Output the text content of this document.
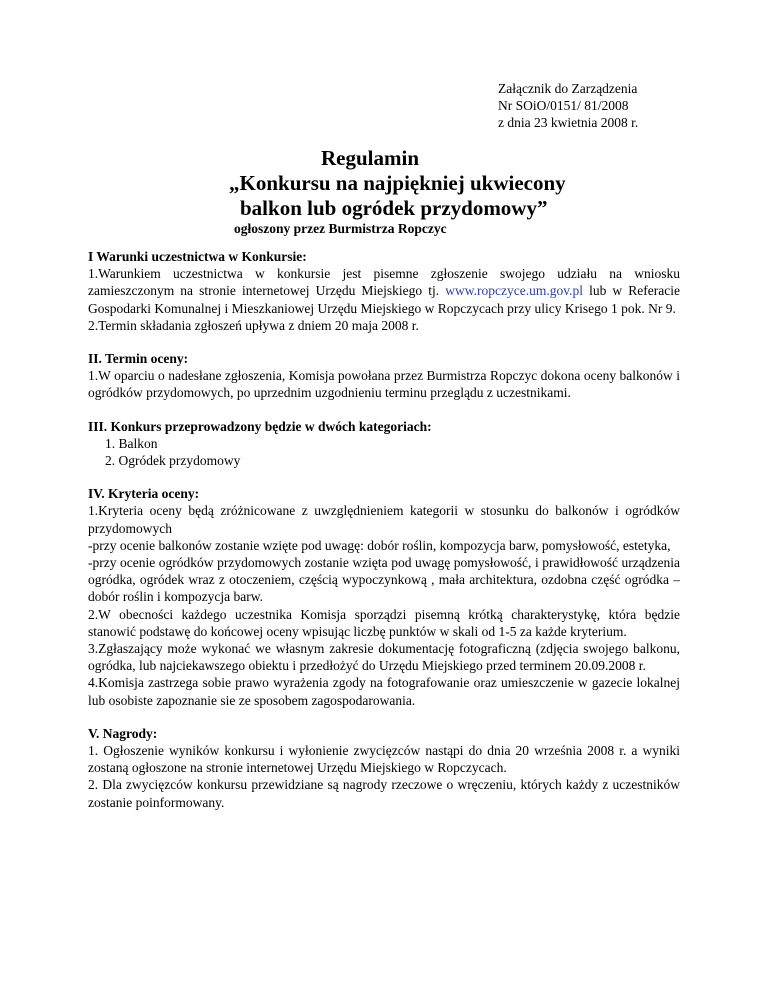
Załącznik do Zarządzenia
Nr SOiO/0151/ 81/2008
z dnia 23 kwietnia 2008 r.
Regulamin
„Konkursu na najpiękniej ukwiecony
balkon lub ogródek przydomowy”
ogłoszony przez Burmistrza Ropczyc
I Warunki uczestnictwa w Konkursie:
1.Warunkiem uczestnictwa w konkursie jest pisemne zgłoszenie swojego udziału na wniosku zamieszczonym na stronie internetowej Urzędu Miejskiego tj. www.ropczyce.um.gov.pl lub w Referacie Gospodarki Komunalnej i Mieszkaniowej Urzędu Miejskiego w Ropczycach przy ulicy Krisego 1 pok. Nr 9.
2.Termin składania zgłoszeń upływa z dniem 20 maja 2008 r.
II. Termin oceny:
1.W oparciu o nadesłane zgłoszenia, Komisja powołana przez Burmistrza Ropczyc dokona oceny balkonów i ogródków przydomowych, po uprzednim uzgodnieniu terminu przeglądu z uczestnikami.
III. Konkurs przeprowadzony będzie w dwóch kategoriach:
1. Balkon
2. Ogródek przydomowy
IV. Kryteria oceny:
1.Kryteria oceny będą zróżnicowane z uwzględnieniem kategorii w stosunku do balkonów i ogródków przydomowych
-przy ocenie balkonów zostanie wzięte pod uwagę: dobór roślin, kompozycja barw, pomysłowość, estetyka,
-przy ocenie ogródków przydomowych zostanie wzięta pod uwagę pomysłowość, i prawidłowość urządzenia ogródka, ogródek wraz z otoczeniem, częścią wypoczynkową , mała architektura, ozdobna część ogródka – dobór roślin i kompozycja barw.
2.W obecności każdego uczestnika Komisja sporządzi pisemną krótką charakterystykę, która będzie stanowić podstawę do końcowej oceny wpisując liczbę punktów w skali od 1-5 za każde kryterium.
3.Zgłaszający może wykonać we własnym zakresie dokumentację fotograficzną (zdjęcia swojego balkonu, ogródka, lub najciekawszego obiektu i przedłożyć do Urzędu Miejskiego przed terminem 20.09.2008 r.
4.Komisja zastrzega sobie prawo wyrażenia zgody na fotografowanie oraz umieszczenie w gazecie lokalnej lub osobiste zapoznanie sie ze sposobem zagospodarowania.
V. Nagrody:
1. Ogłoszenie wyników konkursu i wyłonienie zwycięzców nastąpi do dnia 20 września 2008 r. a wyniki zostaną ogłoszone na stronie internetowej Urzędu Miejskiego w Ropczycach.
2. Dla zwycięzców konkursu przewidziane są nagrody rzeczowe o wręczeniu, których każdy z uczestników zostanie poinformowany.
